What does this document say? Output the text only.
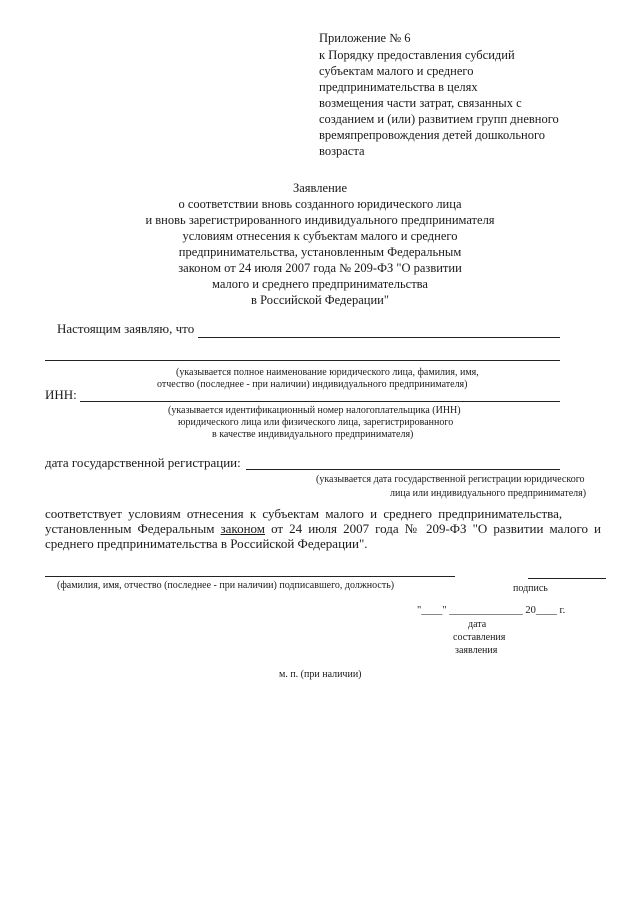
Приложение № 6
к Порядку предоставления субсидий
субъектам малого и среднего
предпринимательства в целях
возмещения части затрат, связанных с
созданием и (или) развитием групп дневного
времяпрепровождения детей дошкольного
возраста
Заявление
о соответствии вновь созданного юридического лица
и вновь зарегистрированного индивидуального предпринимателя
условиям отнесения к субъектам малого и среднего
предпринимательства, установленным Федеральным
законом от 24 июля 2007 года № 209-ФЗ "О развитии
малого и среднего предпринимательства
в Российской Федерации"
Настоящим заявляю, что
(указывается полное наименование юридического лица, фамилия, имя,
отчество (последнее - при наличии) индивидуального предпринимателя)
ИНН:
(указывается идентификационный номер налогоплательщика (ИНН)
юридического лица или физического лица, зарегистрированного
в качестве индивидуального предпринимателя)
дата государственной регистрации:
(указывается дата государственной регистрации юридического
лица или индивидуального предпринимателя)
соответствует условиям отнесения к субъектам малого и среднего предпринимательства,
установленным Федеральным законом от 24 июля 2007 года № 209-ФЗ "О развитии малого и
среднего предпринимательства в Российской Федерации".
(фамилия, имя, отчество (последнее - при наличии) подписавшего, должность)	подпись
"____" ______________ 20____ г.
дата
составления
заявления
м. п. (при наличии)
